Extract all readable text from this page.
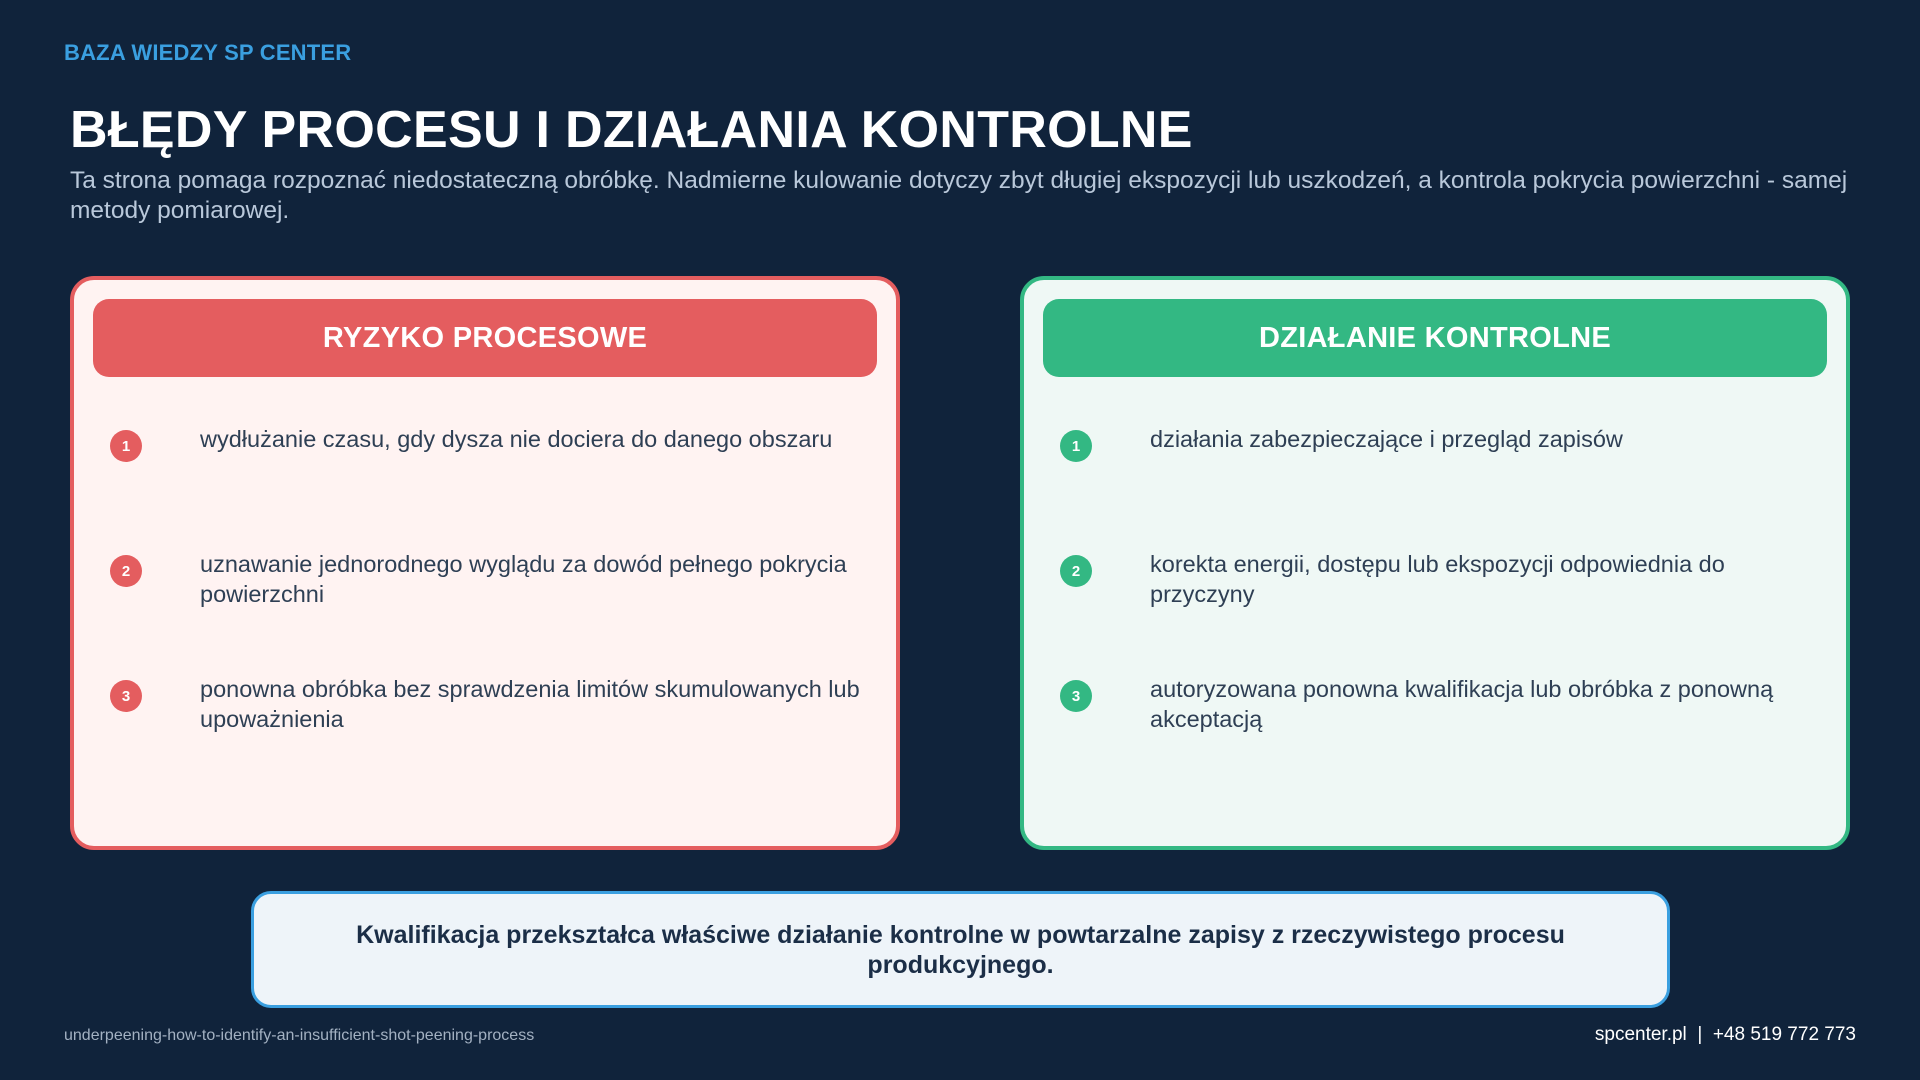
BAZA WIEDZY SP CENTER
BŁĘDY PROCESU I DZIAŁANIA KONTROLNE

Ta strona pomaga rozpoznać niedostateczną obróbkę. Nadmierne kulowanie dotyczy zbyt długiej ekspozycji lub uszkodzeń, a kontrola pokrycia powierzchni - samej metody pomiarowej.

RYZYKO PROCESOWE
1	wydłużanie czasu, gdy dysza nie dociera do danego obszaru
2	uznawanie jednorodnego wyglądu za dowód pełnego pokrycia powierzchni
3	ponowna obróbka bez sprawdzenia limitów skumulowanych lub upoważnienia
DZIAŁANIE KONTROLNE
1	działania zabezpieczające i przegląd zapisów
2	korekta energii, dostępu lub ekspozycji odpowiednia do przyczyny
3	autoryzowana ponowna kwalifikacja lub obróbka z ponowną akceptacją
Kwalifikacja przekształca właściwe działanie kontrolne w powtarzalne zapisy z rzeczywistego procesu produkcyjnego.
underpeening-how-to-identify-an-insufficient-shot-peening-process	spcenter.pl  |  +48 519 772 773
